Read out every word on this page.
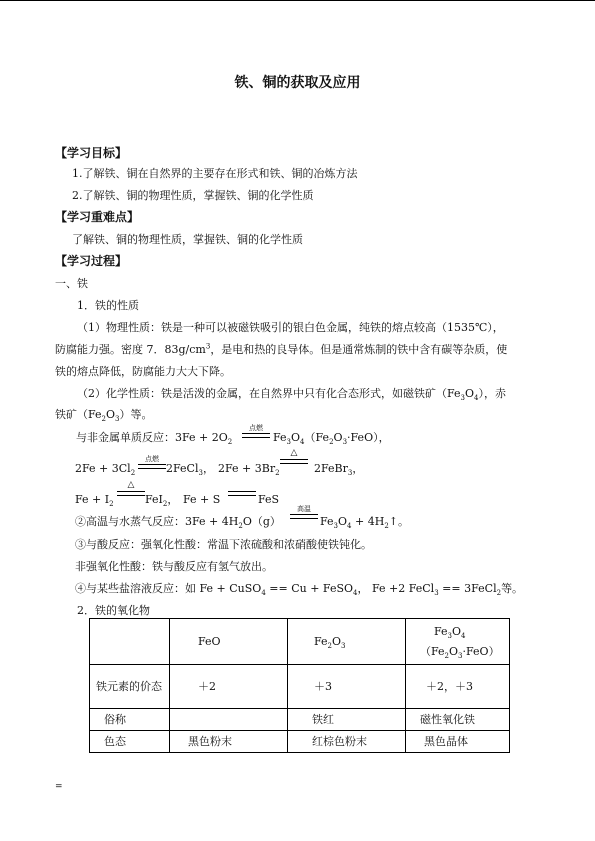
铁、铜的获取及应用
【学习目标】
1.了解铁、铜在自然界的主要存在形式和铁、铜的冶炼方法
2.了解铁、铜的物理性质，掌握铁、铜的化学性质
【学习重难点】
了解铁、铜的物理性质，掌握铁、铜的化学性质
【学习过程】
一、铁
1．铁的性质
（1）物理性质：铁是一种可以被磁铁吸引的银白色金属，纯铁的熔点较高（1535℃），
防腐能力强。密度 7．$83g/cm^3$，是电和热的良导体。但是通常炼制的铁中含有碳等杂质，使
铁的熔点降低，防腐能力大大下降。
（2）化学性质：铁是活泼的金属，在自然界中只有化合态形式，如磁铁矿$(Fe_3O_4)$，赤
铁矿$(Fe_2O_3)$等。
与非金属单质反应：$3Fe + 2O_2$
点燃
$Fe_3O_4(Fe_2O_3\cdot FeO)$，
$2Fe + 3Cl_2$
点燃
2FeCl$_3$， $2Fe + 3Br_2$
△
2FeBr$_3$，
$Fe + I_2$
△
FeI$_2$， Fe + S	FeS
②高温与水蒸气反应：$3Fe + 4H_2O(g)$
高温
$Fe_3O_4$ + $4H_2↑$。
③与酸反应：强氧化性酸：常温下浓硫酸和浓硝酸使铁钝化。
非强氧化性酸：铁与酸反应有氢气放出。
④与某些盐溶液反应：如 Fe + CuSO$_4$ == Cu + FeSO$_4$， Fe +2 FeCl$_3$ == 3FeCl$_2$等。
2．铁的氧化物
	FeO	$Fe_2O_3$	$Fe_3O_4$
$(Fe_2O_3\cdot FeO)$

铁元素的价态	＋2	＋3	＋2，＋3
俗称		铁红	磁性氧化铁
色态	黑色粉末	红棕色粉末	黑色晶体
=
